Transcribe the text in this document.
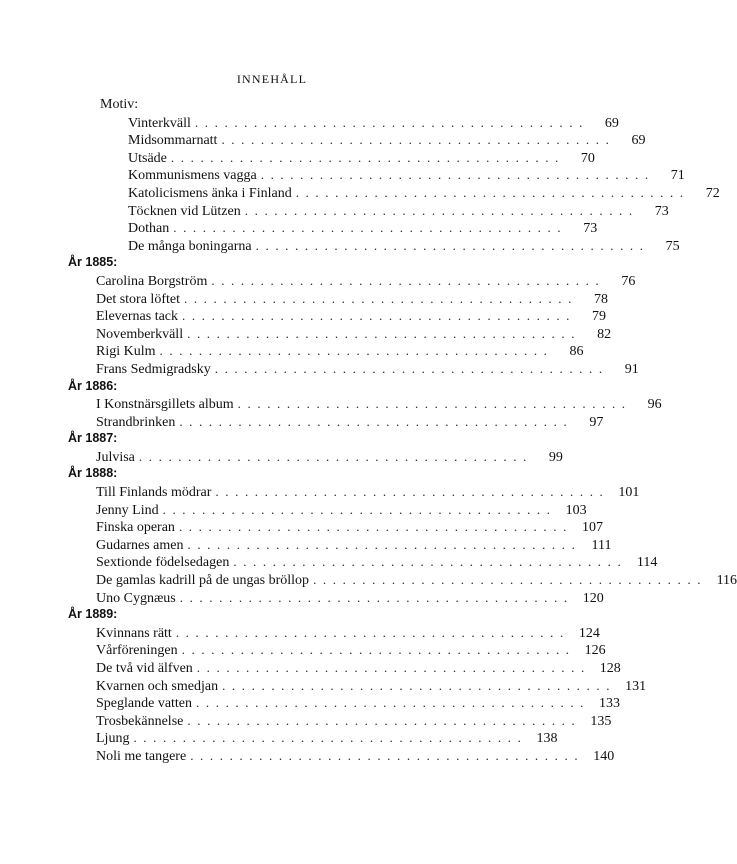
INNEHÅLL
Motiv:
Vinterkväll ........................................	69
Midsommarnatt ........................................	69
Utsäde ........................................	70
Kommunismens vagga ........................................	71
Katolicismens änka i Finland ........................................	72
Töcknen vid Lützen ........................................	73
Dothan ........................................	73
De många boningarna ........................................	75
År 1885:
Carolina Borgström ........................................	76
Det stora löftet ........................................	78
Elevernas tack ........................................	79
Novemberkväll ........................................	82
Rigi Kulm ........................................	86
Frans Sedmigradsky ........................................	91
År 1886:
I Konstnärsgillets album ........................................	96
Strandbrinken ........................................	97
År 1887:
Julvisa ........................................	99
År 1888:
Till Finlands mödrar ........................................ 101
Jenny Lind ........................................ 103
Finska operan ........................................ 107
Gudarnes amen ........................................ 111
Sextionde födelsedagen ........................................ 114
De gamlas kadrill på de ungas bröllop ........................................ 116
Uno Cygnæus ........................................ 120
År 1889:
Kvinnans rätt ........................................ 124
Vårföreningen ........................................ 126
De två vid älfven ........................................ 128
Kvarnen och smedjan ........................................ 131
Speglande vatten ........................................ 133
Trosbekännelse ........................................ 135
Ljung ........................................ 138
Noli me tangere ........................................ 140
